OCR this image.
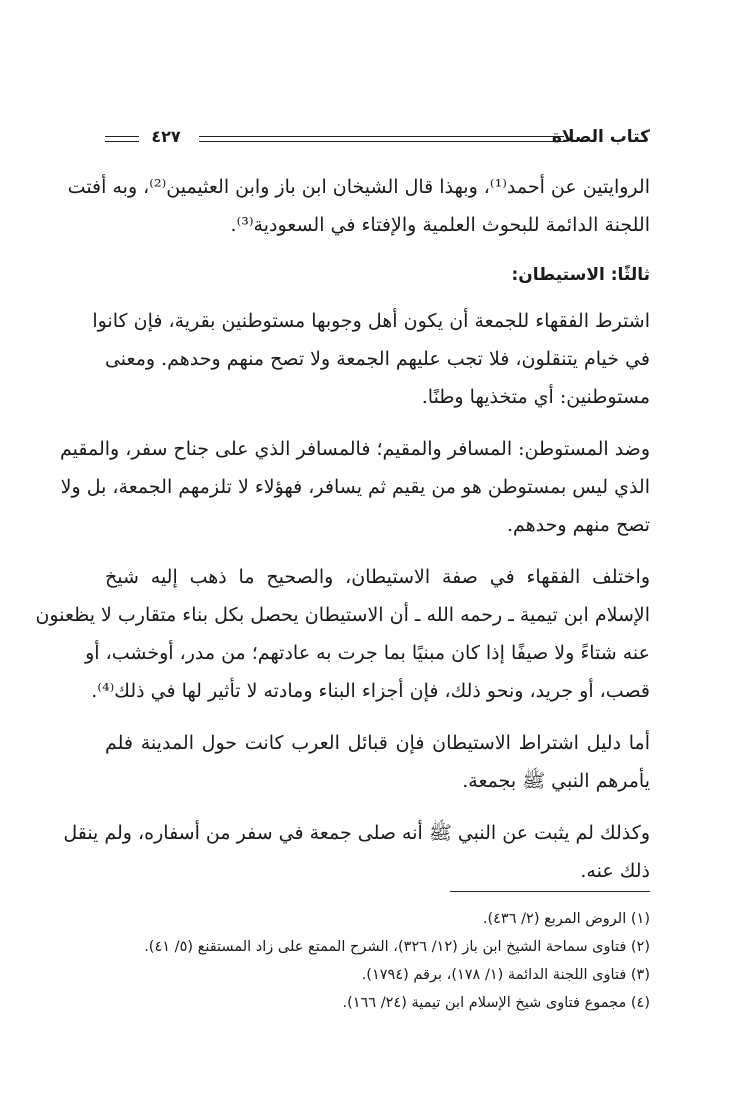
كتاب الصلاة
٤٢٧
الروايتين عن أحمد⁽¹⁾، وبهذا قال الشيخان ابن باز وابن العثيمين⁽²⁾، وبه أفتت
اللجنة الدائمة للبحوث العلمية والإفتاء في السعودية⁽³⁾.
ثالثًا: الاستيطان:
اشترط الفقهاء للجمعة أن يكون أهل وجوبها مستوطنين بقرية، فإن كانوا
في خيام يتنقلون، فلا تجب عليهم الجمعة ولا تصح منهم وحدهم. ومعنى
مستوطنين: أي متخذيها وطنًا.
وضد المستوطن: المسافر والمقيم؛ فالمسافر الذي على جناح سفر، والمقيم
الذي ليس بمستوطن هو من يقيم ثم يسافر، فهؤلاء لا تلزمهم الجمعة، بل ولا
تصح منهم وحدهم.
واختلف الفقهاء في صفة الاستيطان، والصحيح ما ذهب إليه شيخ
الإسلام ابن تيمية ـ رحمه الله ـ أن الاستيطان يحصل بكل بناء متقارب لا يظعنون
عنه شتاءً ولا صيفًا إذا كان مبنيًا بما جرت به عادتهم؛ من مدر، أوخشب، أو
قصب، أو جريد، ونحو ذلك، فإن أجزاء البناء ومادته لا تأثير لها في ذلك⁽⁴⁾.
أما دليل اشتراط الاستيطان فإن قبائل العرب كانت حول المدينة فلم
يأمرهم النبي ﷺ بجمعة.
وكذلك لم يثبت عن النبي ﷺ أنه صلى جمعة في سفر من أسفاره، ولم ينقل
ذلك عنه.
(١) الروض المربع (٢/ ٤٣٦).
(٢) فتاوى سماحة الشيخ ابن باز (١٢/ ٣٢٦)، الشرح الممتع على زاد المستقنع (٥/ ٤١).
(٣) فتاوى اللجنة الدائمة (١/ ١٧٨)، برقم (١٧٩٤).
(٤) مجموع فتاوى شيخ الإسلام ابن تيمية (٢٤/ ١٦٦).
